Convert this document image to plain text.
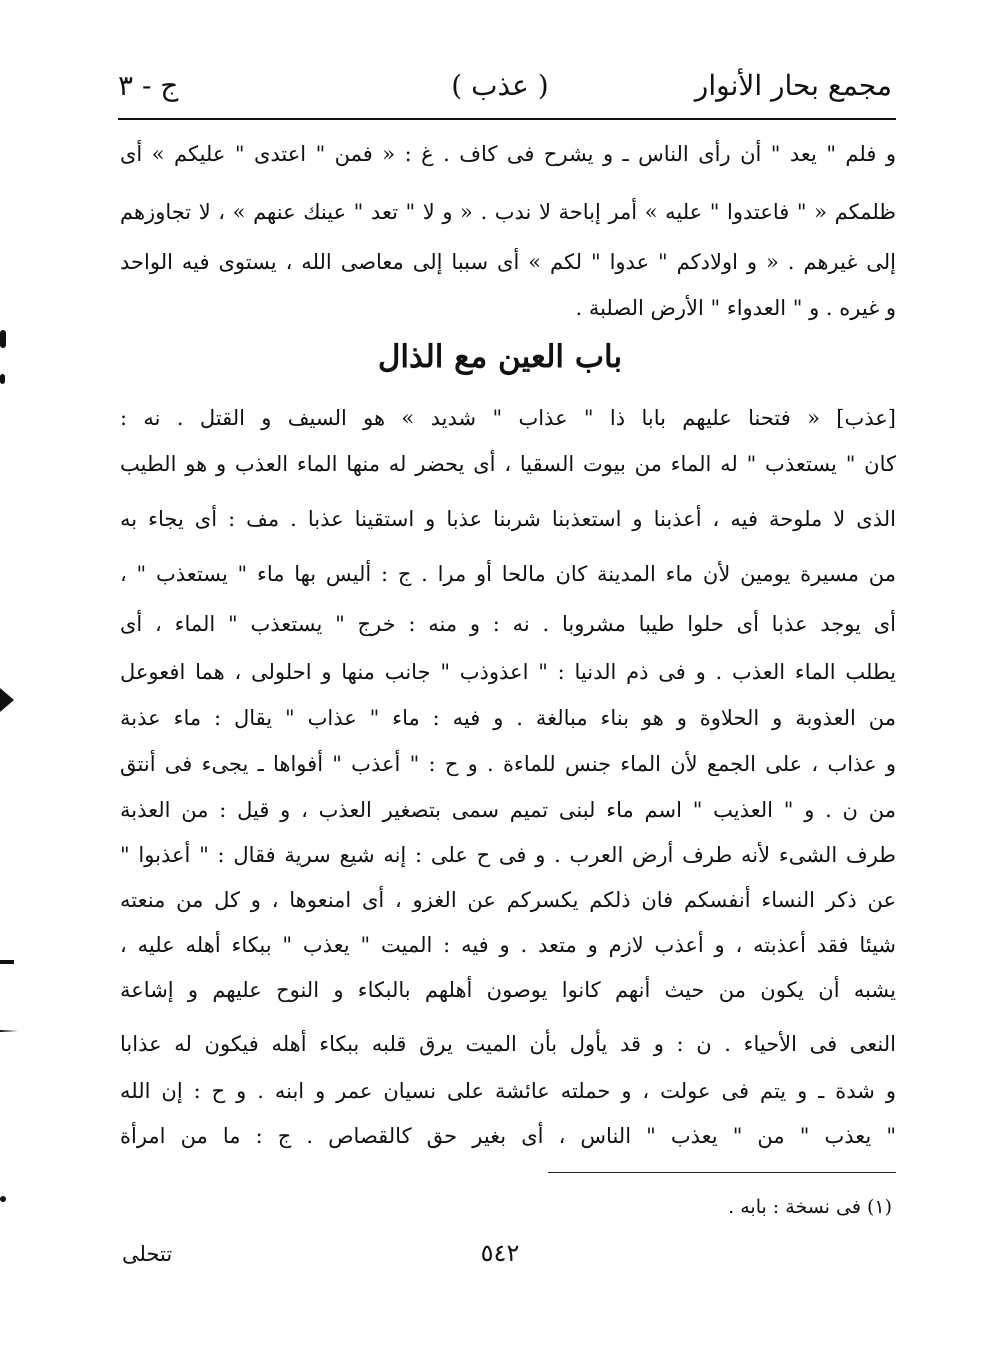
مجمع بحار الأنوار
( عذب )
ج - ٣
و فلم " يعد " أن رأى الناس ـ و يشرح فى كاف . غ : « فمن " اعتدى " عليكم » أى
ظلمكم « " فاعتدوا " عليه » أمر إباحة لا ندب . « و لا " تعد " عينك عنهم » ، لا تجاوزهم
إلى غيرهم . « و اولادكم " عدوا " لكم » أى سببا إلى معاصى الله ، يستوى فيه الواحد
و غيره . و " العدواء " الأرض الصلبة .
باب العين مع الذال
[عذب] « فتحنا عليهم بابا ذا " عذاب " شديد » هو السيف و القتل . نه :
كان " يستعذب " له الماء من بيوت السقيا ، أى يحضر له منها الماء العذب و هو الطيب
الذى لا ملوحة فيه ، أعذبنا و استعذبنا شربنا عذبا و استقينا عذبا . مف : أى يجاء به
من مسيرة يومين لأن ماء المدينة كان مالحا أو مرا . ج : أليس بها ماء " يستعذب " ،
أى يوجد عذبا أى حلوا طيبا مشروبا . نه : و منه : خرج " يستعذب " الماء ، أى
يطلب الماء العذب . و فى ذم الدنيا : " اعذوذب " جانب منها و احلولى ، هما افعوعل
من العذوبة و الحلاوة و هو بناء مبالغة . و فيه : ماء " عذاب " يقال : ماء عذبة
و عذاب ، على الجمع لأن الماء جنس للماءة . و ح : " أعذب " أفواها ـ يجىء فى أنتق
من ن . و " العذيب " اسم ماء لبنى تميم سمى بتصغير العذب ، و قيل : من العذبة
طرف الشىء لأنه طرف أرض العرب . و فى ح على : إنه شيع سرية فقال : " أعذبوا "
عن ذكر النساء أنفسكم فان ذلكم يكسركم عن الغزو ، أى امنعوها ، و كل من منعته
شيئا فقد أعذبته ، و أعذب لازم و متعد . و فيه : الميت " يعذب " ببكاء أهله عليه ،
يشبه أن يكون من حيث أنهم كانوا يوصون أهلهم بالبكاء و النوح عليهم و إشاعة
النعى فى الأحياء . ن : و قد يأول بأن الميت يرق قلبه ببكاء أهله فيكون له عذابا
و شدة ـ و يتم فى عولت ، و حملته عائشة على نسيان عمر و ابنه . و ح : إن الله
" يعذب " من " يعذب " الناس ، أى بغير حق كالقصاص . ج : ما من امرأة
(١) فى نسخة : بابه .
٥٤٢
تتحلى
